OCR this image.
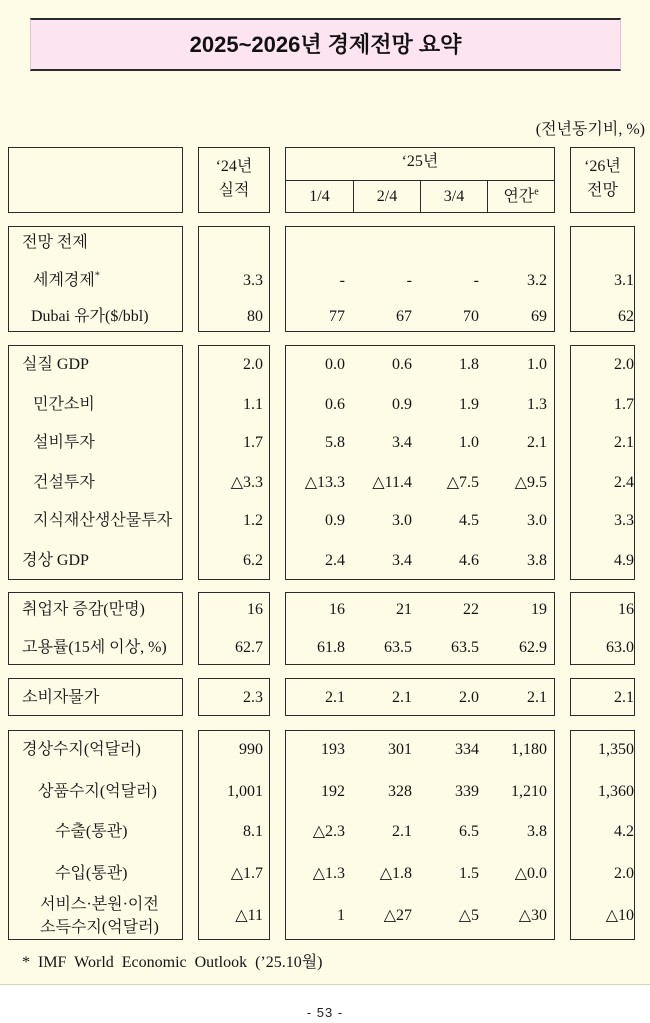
2025~2026년 경제전망 요약
(전년동기비, %)
‘24년
실적
‘25년
1/4	2/4	3/4	연간$^e$
‘26년
전망
전망 전제
세계경제*	3.3	-	-	-	3.2	3.1
Dubai 유가($/bbl)	80	77	67	70	69	62
실질 GDP	2.0	0.0	0.6	1.8	1.0	2.0
민간소비	1.1	0.6	0.9	1.9	1.3	1.7
설비투자	1.7	5.8	3.4	1.0	2.1	2.1
건설투자	△3.3	△13.3	△11.4	△7.5	△9.5	2.4
지식재산생산물투자	1.2	0.9	3.0	4.5	3.0	3.3
경상 GDP	6.2	2.4	3.4	4.6	3.8	4.9
취업자 증감(만명)	16	16	21	22	19	16
고용률(15세 이상, %)	62.7	61.8	63.5	63.5	62.9	63.0
소비자물가	2.3	2.1	2.1	2.0	2.1	2.1
경상수지(억달러)	990	193	301	334	1,180	1,350
상품수지(억달러)	1,001	192	328	339	1,210	1,360
수출(통관)	8.1	△2.3	2.1	6.5	3.8	4.2
수입(통관)	△1.7	△1.3	△1.8	1.5	△0.0	2.0
서비스·본원·이전
소득수지(억달러)
△11	1	△27	△5	△30	△10
* IMF World Economic Outlook (’25.10월)
- 53 -
